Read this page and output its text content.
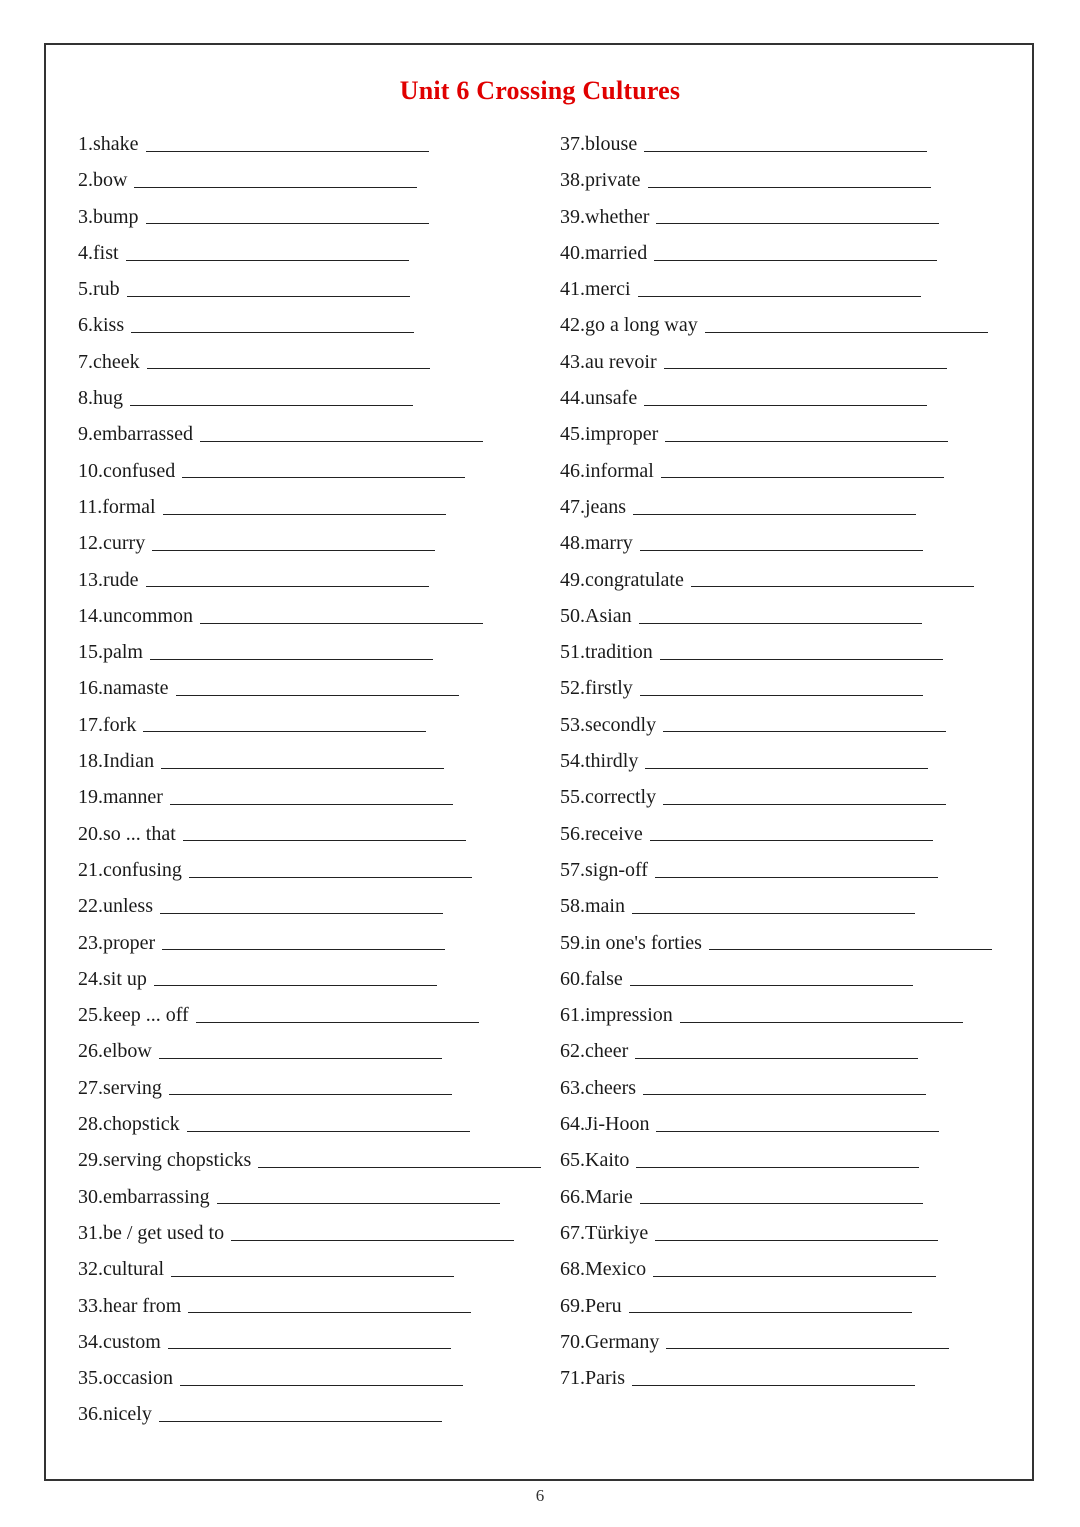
Unit 6 Crossing Cultures
1.shake
2.bow
3.bump
4.fist
5.rub
6.kiss
7.cheek
8.hug
9.embarrassed
10.confused
11.formal
12.curry
13.rude
14.uncommon
15.palm
16.namaste
17.fork
18.Indian
19.manner
20.so ... that
21.confusing
22.unless
23.proper
24.sit up
25.keep ... off
26.elbow
27.serving
28.chopstick
29.serving chopsticks
30.embarrassing
31.be / get used to
32.cultural
33.hear from
34.custom
35.occasion
36.nicely
37.blouse
38.private
39.whether
40.married
41.merci
42.go a long way
43.au revoir
44.unsafe
45.improper
46.informal
47.jeans
48.marry
49.congratulate
50.Asian
51.tradition
52.firstly
53.secondly
54.thirdly
55.correctly
56.receive
57.sign-off
58.main
59.in one's forties
60.false
61.impression
62.cheer
63.cheers
64.Ji-Hoon
65.Kaito
66.Marie
67.Türkiye
68.Mexico
69.Peru
70.Germany
71.Paris
6
